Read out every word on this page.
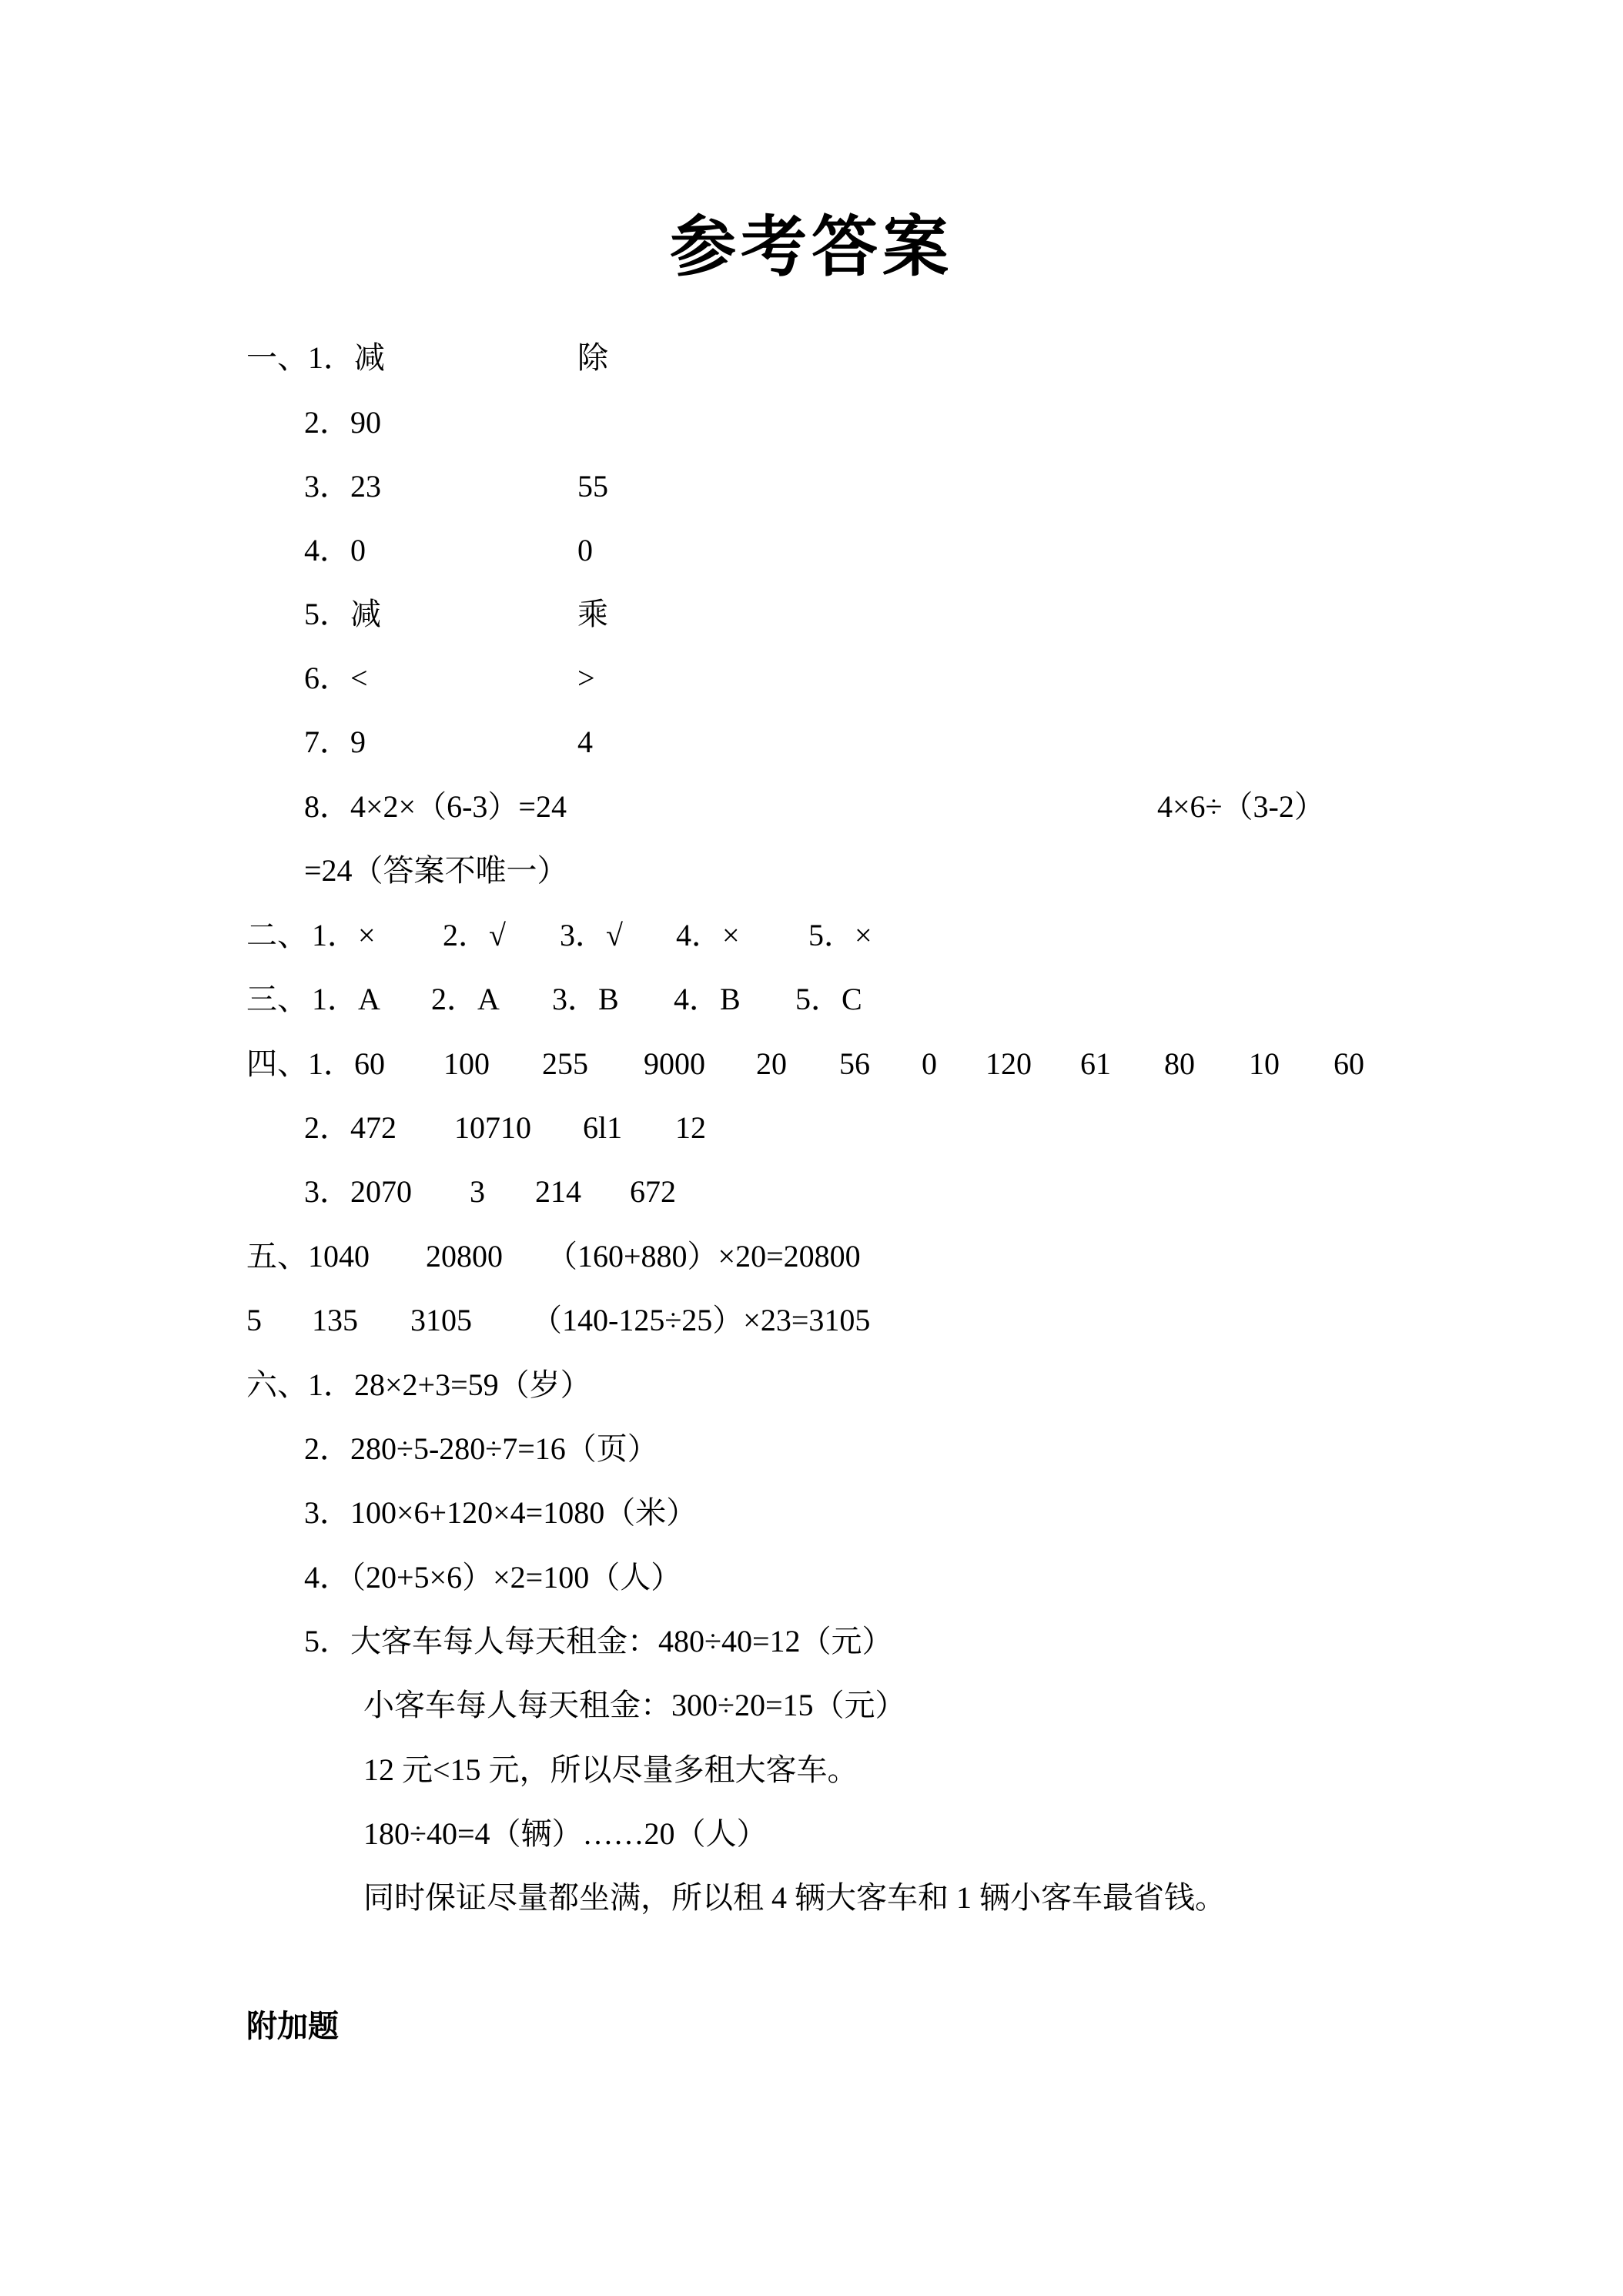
参考答案
一、1．减	除
2．90
3．23	55
4．0	0
5．减	乘
6．<	>
7．9	4
8．4×2×（6-3）=24	4×6÷（3-2）
=24（答案不唯一）
二、 1．× 2．√ 3．√ 4．× 5．×
三、 1．A 2．A 3．B 4．B 5．C
四、1．60 100 255 9000 20 56 0 120 61 80 10 60
2．472 10710 6l1 12
3．2070 3 214 672
五、1040 20800 （160+880）×20=20800
5 135 3105 （140-125÷25）×23=3105
六、1．28×2+3=59（岁）
2．280÷5-280÷7=16（页）
3．100×6+120×4=1080（米）
4．（20+5×6）×2=100（人）
5．大客车每人每天租金：480÷40=12（元）
小客车每人每天租金：300÷20=15（元）
12 元<15 元，所以尽量多租大客车。
180÷40=4（辆）……20（人）
同时保证尽量都坐满，所以租 4 辆大客车和 1 辆小客车最省钱。
附加题
